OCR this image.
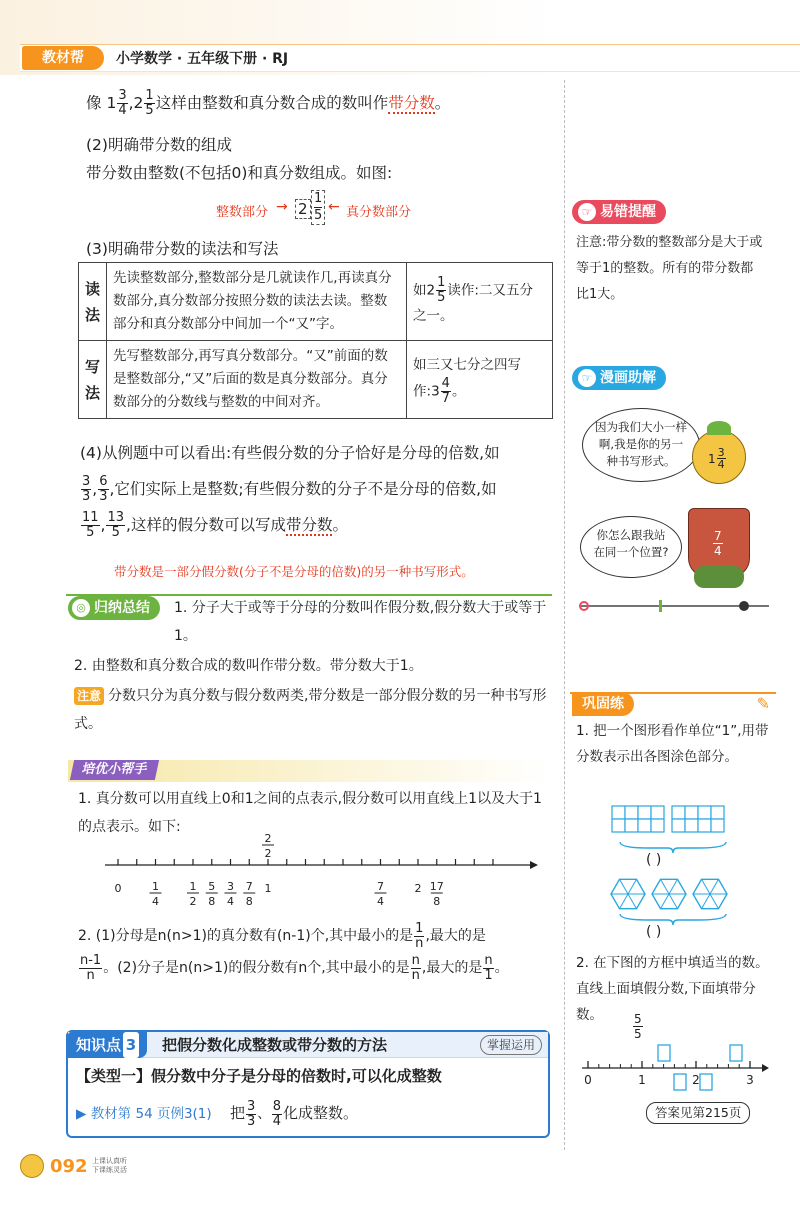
教材帮	小学数学 · 五年级下册 · RJ
像 $1 \frac{3}{4} ,2 \frac{1}{5}$ 这样由整数和真分数合成的数叫作带分数。
(2)明确带分数的组成
带分数由整数(不包括0)和真分数组成。如图:
整数部分 → 2
1
5
← 真分数部分
(3)明确带分数的读法和写法
读法	先读整数部分,整数部分是几就读作几,再读真分数部分,真分数部分按照分数的读法去读。整数部分和真分数部分中间加一个“又”字。	如$2 \frac{1}{5}$ 读作:二又五分之一。
写法	先写整数部分,再写真分数部分。“又”前面的数是整数部分,“又”后面的数是真分数部分。真分数部分的分数线与整数的中间对齐。	如三又七分之四写作:3 $\frac{4}{7}$ 。
(4)从例题中可以看出:有些假分数的分子恰好是分母的倍数,如
$\frac{3}{3}$ , $\frac{6}{3}$ ,它们实际上是整数;有些假分数的分子不是分母的倍数,如
$\frac{11}{5}$ , $\frac{13}{5}$ ,这样的假分数可以写成带分数。
带分数是一部分假分数(分子不是分母的倍数)的另一种书写形式。
◎ 归纳总结 1. 分子大于或等于分母的分数叫作假分数,假分数大于或等于1。
2. 由整数和真分数合成的数叫作带分数。带分数大于1。
注意 分数只分为真分数与假分数两类,带分数是一部分假分数的另一种书写形式。
培优小帮手
1. 真分数可以用直线上0和1之间的点表示,假分数可以用直线上1以及大于1的点表示。如下:
0	1
4
1
2
5
8
3
4
7
8
2
2
1	7
4
2 17
8
2. (1)分母是n(n>1)的真分数有(n-1)个,其中最小的是 $\frac{1}{n}$ ,最大的是

$\frac{n-1}{n}$ 。(2)分子是n(n>1)的假分数有n个,其中最小的是 $\frac{n}{n}$ ,最大的是 $\frac{n}{1}$ 。
知识点 3	把假分数化成整数或带分数的方法	掌握运用
【类型一】假分数中分子是分母的倍数时,可以化成整数
▶ 教材第 54 页例3(1) 把 $\frac{3}{3}$ 、 $\frac{8}{4}$ 化成整数。
☞ 易错提醒
注意:带分数的整数部分是大于或等于1的整数。所有的带分数都比1大。
☞ 漫画助解
因为我们大小一样啊,我是你的另一种书写形式。	$1 \frac{3}{4}$
你怎么跟我站在同一个位置?	$\frac{7}{4}$
巩固练	✎
1. 把一个图形看作单位“1”,用带分数表示出各图涂色部分。
( )
( )
2. 在下图的方框中填适当的数。直线上面填假分数,下面填带分数。
0	1	2	3
$\frac{5}{5}$
答案见第215页
092 上课认真听
下课练灵活
